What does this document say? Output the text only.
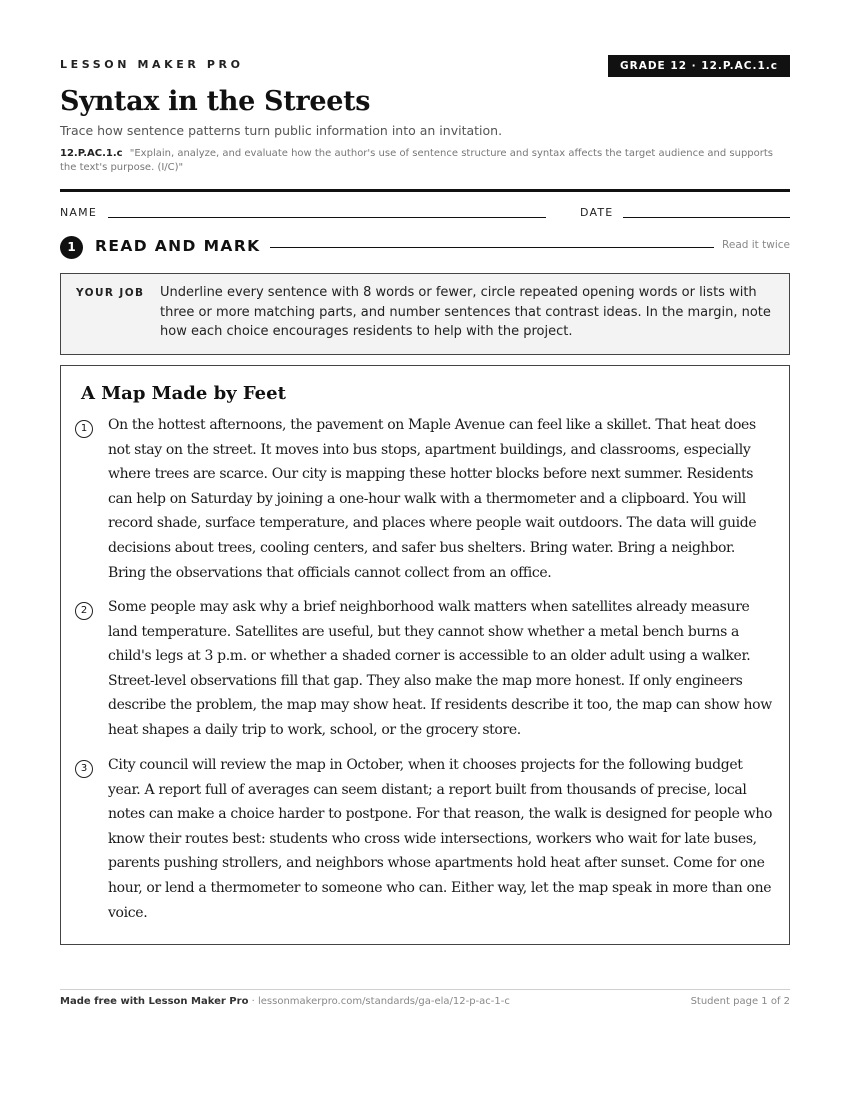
LESSON MAKER PRO	GRADE 12 · 12.P.AC.1.c
Syntax in the Streets
Trace how sentence patterns turn public information into an invitation.
12.P.AC.1.c "Explain, analyze, and evaluate how the author's use of sentence structure and syntax affects the target audience and supports the text's purpose. (I/C)"
NAME	DATE
1	READ AND MARK	Read it twice
YOUR JOB Underline every sentence with 8 words or fewer, circle repeated opening words or lists with three or more matching parts, and number sentences that contrast ideas. In the margin, note how each choice encourages residents to help with the project.
A Map Made by Feet
1	On the hottest afternoons, the pavement on Maple Avenue can feel like a skillet. That heat does not stay on the street. It moves into bus stops, apartment buildings, and classrooms, especially where trees are scarce. Our city is mapping these hotter blocks before next summer. Residents can help on Saturday by joining a one-hour walk with a thermometer and a clipboard. You will record shade, surface temperature, and places where people wait outdoors. The data will guide decisions about trees, cooling centers, and safer bus shelters. Bring water. Bring a neighbor. Bring the observations that officials cannot collect from an office.

2	Some people may ask why a brief neighborhood walk matters when satellites already measure land temperature. Satellites are useful, but they cannot show whether a metal bench burns a child's legs at 3 p.m. or whether a shaded corner is accessible to an older adult using a walker. Street-level observations fill that gap. They also make the map more honest. If only engineers describe the problem, the map may show heat. If residents describe it too, the map can show how heat shapes a daily trip to work, school, or the grocery store.

3	City council will review the map in October, when it chooses projects for the following budget year. A report full of averages can seem distant; a report built from thousands of precise, local notes can make a choice harder to postpone. For that reason, the walk is designed for people who know their routes best: students who cross wide intersections, workers who wait for late buses, parents pushing strollers, and neighbors whose apartments hold heat after sunset. Come for one hour, or lend a thermometer to someone who can. Either way, let the map speak in more than one voice.

Made free with Lesson Maker Pro · lessonmakerpro.com/standards/ga-ela/12-p-ac-1-c	Student page 1 of 2
